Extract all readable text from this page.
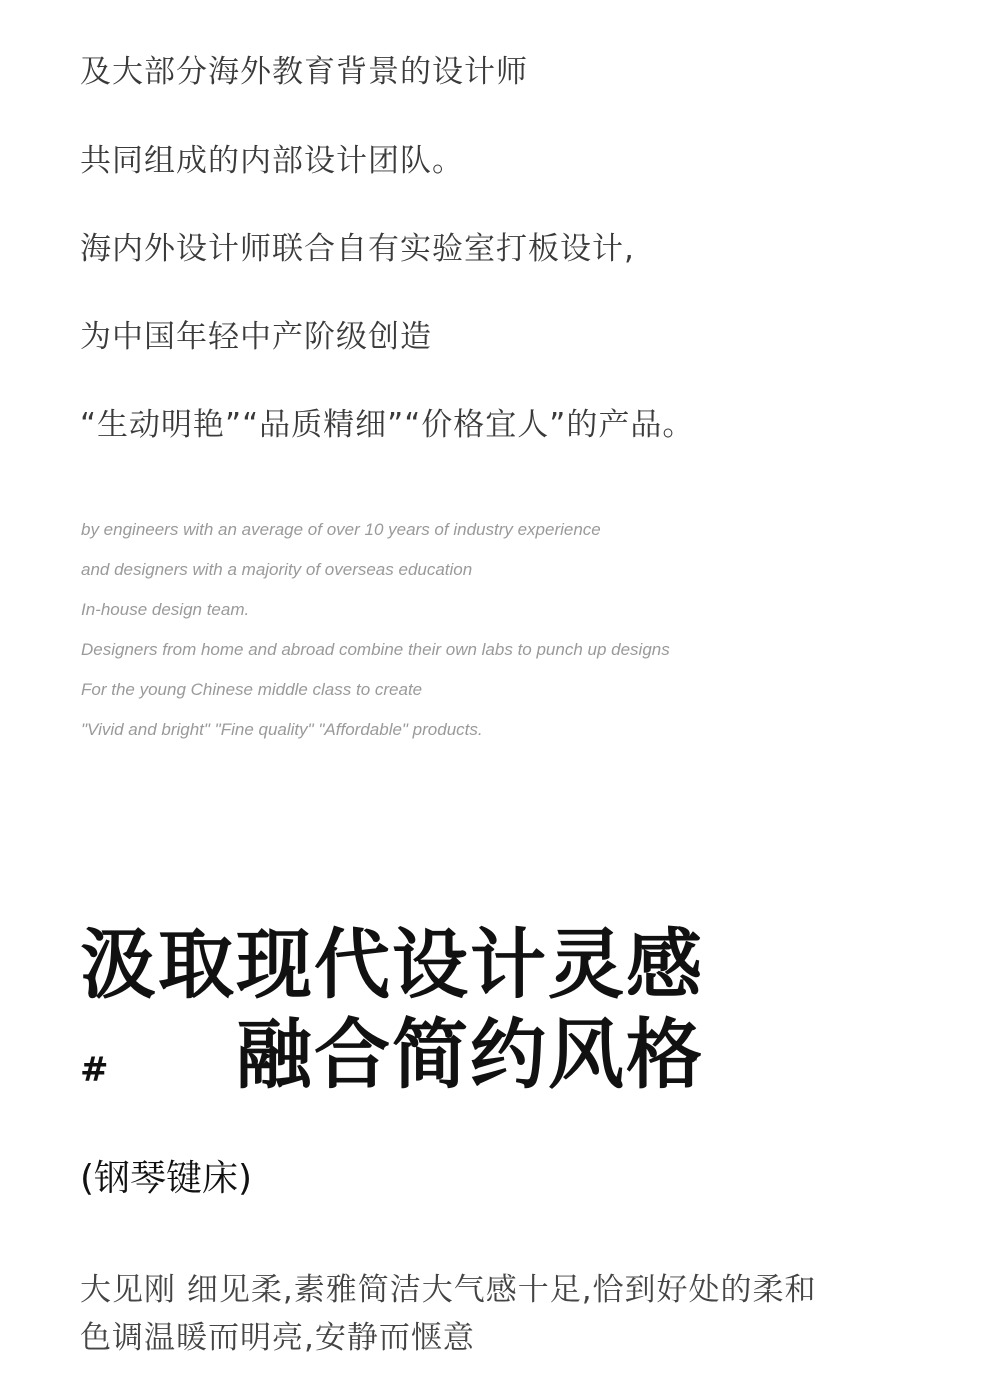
及大部分海外教育背景的设计师
共同组成的内部设计团队。
海内外设计师联合自有实验室打板设计,
为中国年轻中产阶级创造
“生动明艳”“品质精细”“价格宜人”的产品。
by engineers with an average of over 10 years of industry experience
and designers with a majority of overseas education
In-house design team.
Designers from home and abroad combine their own labs to punch up designs
For the young Chinese middle class to create
"Vivid and bright" "Fine quality" "Affordable" products.
汲取现代设计灵感
# 融合简约风格
(钢琴键床)
大见刚 细见柔,素雅简洁大气感十足,恰到好处的柔和
色调温暖而明亮,安静而惬意
